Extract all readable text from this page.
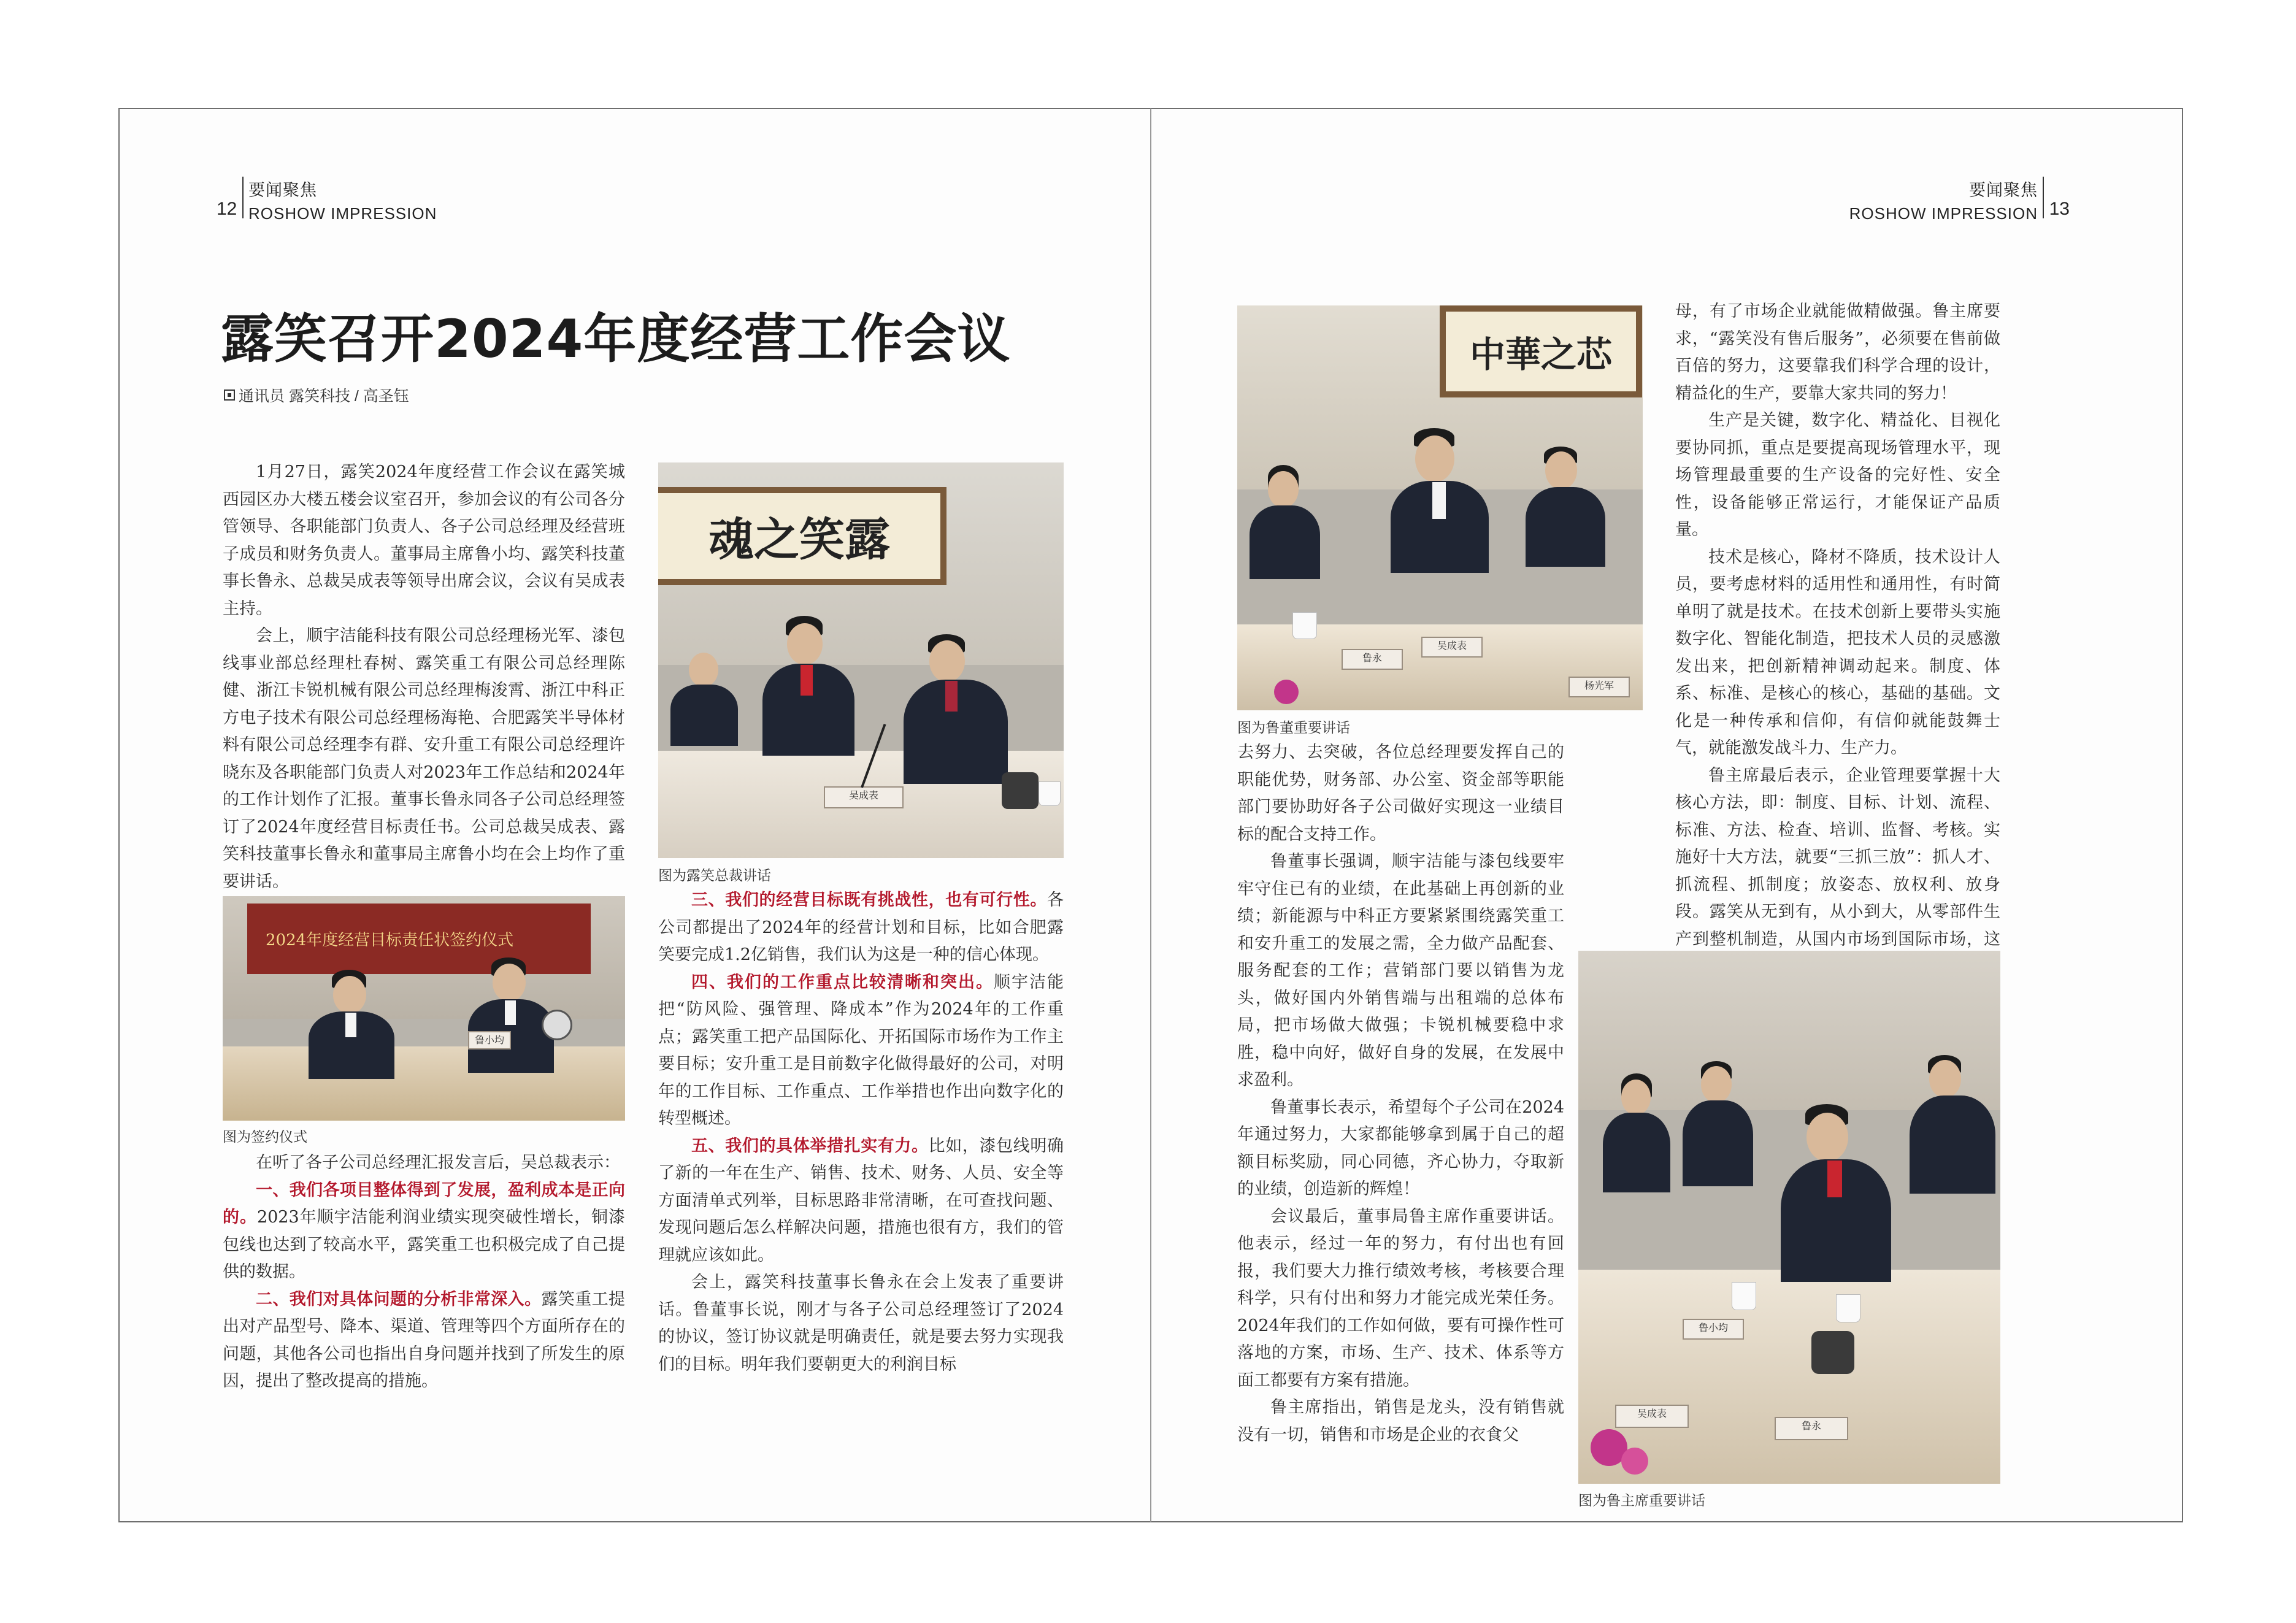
12
要闻聚焦
ROSHOW IMPRESSION
露笑召开2024年度经营工作会议
通讯员 露笑科技 / 高圣钰

1月27日，露笑2024年度经营工作会议在露笑城西园区办大楼五楼会议室召开，参加会议的有公司各分管领导、各职能部门负责人、各子公司总经理及经营班子成员和财务负责人。董事局主席鲁小均、露笑科技董事长鲁永、总裁吴成表等领导出席会议，会议有吴成表主持。

会上，顺宇洁能科技有限公司总经理杨光军、漆包线事业部总经理杜春树、露笑重工有限公司总经理陈健、浙江卡锐机械有限公司总经理梅浚霄、浙江中科正方电子技术有限公司总经理杨海艳、合肥露笑半导体材料有限公司总经理李有群、安升重工有限公司总经理许晓东及各职能部门负责人对2023年工作总结和2024年的工作计划作了汇报。董事长鲁永同各子公司总经理签订了2024年度经营目标责任书。公司总裁吴成表、露笑科技董事长鲁永和董事局主席鲁小均在会上均作了重要讲话。

2024年度经营目标责任状签约仪式
鲁小均
图为签约仪式

在听了各子公司总经理汇报发言后，吴总裁表示：

一、我们各项目整体得到了发展，盈利成本是正向的。2023年顺宇洁能利润业绩实现突破性增长，铜漆包线也达到了较高水平，露笑重工也积极完成了自己提供的数据。

二、我们对具体问题的分析非常深入。露笑重工提出对产品型号、降本、渠道、管理等四个方面所存在的问题，其他各公司也指出自身问题并找到了所发生的原因，提出了整改提高的措施。

魂之笑露
吴成表
图为露笑总裁讲话

三、我们的经营目标既有挑战性，也有可行性。各公司都提出了2024年的经营计划和目标，比如合肥露笑要完成1.2亿销售，我们认为这是一种的信心体现。

四、我们的工作重点比较清晰和突出。顺宇洁能把“防风险、强管理、降成本”作为2024年的工作重点；露笑重工把产品国际化、开拓国际市场作为工作主要目标；安升重工是目前数字化做得最好的公司，对明年的工作目标、工作重点、工作举措也作出向数字化的转型概述。

五、我们的具体举措扎实有力。比如，漆包线明确了新的一年在生产、销售、技术、财务、人员、安全等方面清单式列举，目标思路非常清晰，在可查找问题、发现问题后怎么样解决问题，措施也很有方，我们的管理就应该如此。

会上，露笑科技董事长鲁永在会上发表了重要讲话。鲁董事长说，刚才与各子公司总经理签订了2024的协议，签订协议就是明确责任，就是要去努力实现我们的目标。明年我们要朝更大的利润目标

要闻聚焦
ROSHOW IMPRESSION 13
中華之芯
鲁永
吴成表
杨光军
图为鲁董重要讲话

去努力、去突破，各位总经理要发挥自己的职能优势，财务部、办公室、资金部等职能部门要协助好各子公司做好实现这一业绩目标的配合支持工作。

鲁董事长强调，顺宇洁能与漆包线要牢牢守住已有的业绩，在此基础上再创新的业绩；新能源与中科正方要紧紧围绕露笑重工和安升重工的发展之需，全力做产品配套、服务配套的工作；营销部门要以销售为龙头，做好国内外销售端与出租端的总体布局，把市场做大做强；卡锐机械要稳中求胜，稳中向好，做好自身的发展，在发展中求盈利。

鲁董事长表示，希望每个子公司在2024年通过努力，大家都能够拿到属于自己的超额目标奖励，同心同德，齐心协力，夺取新的业绩，创造新的辉煌！

会议最后，董事局鲁主席作重要讲话。他表示，经过一年的努力，有付出也有回报，我们要大力推行绩效考核，考核要合理科学，只有付出和努力才能完成光荣任务。2024年我们的工作如何做，要有可操作性可落地的方案，市场、生产、技术、体系等方面工都要有方案有措施。

鲁主席指出，销售是龙头，没有销售就没有一切，销售和市场是企业的衣食父

母，有了市场企业就能做精做强。鲁主席要求，“露笑没有售后服务”，必须要在售前做百倍的努力，这要靠我们科学合理的设计，精益化的生产，要靠大家共同的努力！

生产是关键，数字化、精益化、目视化要协同抓，重点是要提高现场管理水平，现场管理最重要的生产设备的完好性、安全性，设备能够正常运行，才能保证产品质量。

技术是核心，降材不降质，技术设计人员，要考虑材料的适用性和通用性，有时简单明了就是技术。在技术创新上要带头实施数字化、智能化制造，把技术人员的灵感激发出来，把创新精神调动起来。制度、体系、标准、是核心的核心，基础的基础。文化是一种传承和信仰，有信仰就能鼓舞士气，就能激发战斗力、生产力。

鲁主席最后表示，企业管理要掌握十大核心方法，即：制度、目标、计划、流程、标准、方法、检查、培训、监督、考核。实施好十大方法，就要“三抓三放”：抓人才、抓流程、抓制度；放姿态、放权利、放身段。露笑从无到有，从小到大，从零部件生产到整机制造，从国内市场到国际市场，这

鲁小均
吴成表
鲁永
图为鲁主席重要讲话
